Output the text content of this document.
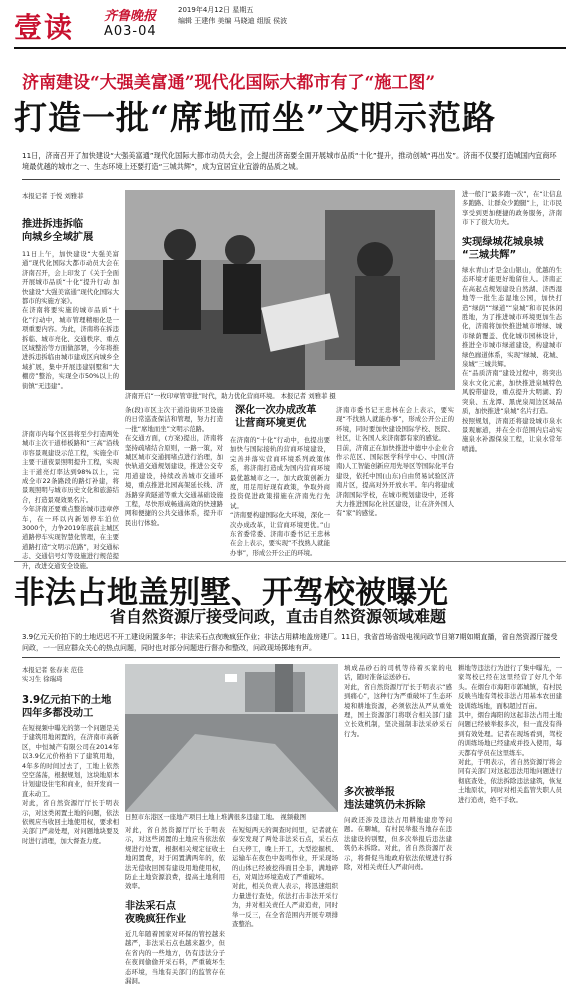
壹读 齐鲁晚报
A03-04
2019年4月12日 星期五
编辑 王建伟 美编 马晓迪 组版 侯波
济南建设“大强美富通”现代化国际大都市有了“施工图”
打造一批“席地而坐”文明示范路
11日，济南召开了加快建设“大强美富通”现代化国际大都市动员大会，会上提出济南要全面开展城市品质“十化”提升，推动创城“再出发”。济南不仅要打造城国内宜商环境最优越的城市之一、生态环境上还要打造“三城共辉”，成为宜居宜业宜游的品质之城。
本报记者 于悦 刘雅菲
推进拆违拆临
向城乡全域扩展
11日上午，加快建设“大强美富通”现代化国际大都市动员大会在济南召开，会上印发了《关于全面开展城市品质“十化”提升行动 加快建设“大强美富通”现代化国际大都市的实施方案》。
在济南将要实施的城市品质“十化”行动中，城市管理精细化是一项重要内容。为此，济南将在拆违拆临、城市亮化、交通秩序、重点区域整治等方面做部署，今年将推进拆违拆临由城市建成区向城乡全域扩展，集中开展违建别墅和“大棚房”整治，实现全市50%以上的街镇“无违建”。
济南市内每个区县将至少打造两处城市主次干道样板路和“三高”沿线市容景观建设示范工程，实施全市主要干道夜景照明提升工程，实现主干道亮灯率达到98%以上，完成全市22条路段的路灯补建，将景观照明与城市历史文化和旅游结合，打造景观效果名片。
今年济南还要重点整治城市违章停车，在一环以内新划停车泊位3000个，力争2019年底前主城区道路停车实现智慧化管理，在主要道路打造“文明示范路”，对交通标志、交通信号灯等设施进行规范提升，改进交通安全设施。
济南开启“一枚印章管审批”时代，助力优化营商环境。 本报记者 刘雅菲 摄
条(段)市区主次干道沿街环卫设施的日常巡查保洁和管理，努力打造一批“席地而坐”文明示范路。
在交通方面，(方案)提出，济南将坚持疏堵结合原则，一路一策，对城区城市交通拥堵点进行治理，加快轨道交通规划建设，推进公交专用道建设，持续改善城市交通环境，重点推进北园高架延长线、济泺路穿黄隧道等重大交通基础设施工程，尽快形成畅通高效的快速路网和便捷的公共交通体系，提升市民出行体验。
深化一次办成改革
让营商环境更优
在济南的“十化”行动中，也提出要加快与国际接轨的营商环境建设，完善并落实营商环境系列政策体系，将济南打造成为国内营商环境最优越城市之一。加大政策创新力度，用足用好现有政策，争取外商投资促进政策措施在济南先行先试。
“济南要构建国际化大环境，深化一次办成改革，让营商环境更优。”山东省委常委、济南市委书记王忠林在会上表示，要实现“不找熟人就能办事”，形成公开公正的环境。
济南市委书记王忠林在会上表示，要实现“不找熟人就能办事”，形成公开公正的环境，同时要加快建设国际学校、医院、社区，让各国人来济南都有家的感觉。
目前，济南正在加快推进中德中小企业合作示范区、国际医学科学中心、中国(济南)人工智能创新应用先导区等国际化平台建设，依托中国(山东)自由贸易试验区济南片区，提高对外开放水平。年内将建成济南国际学校，在城市规划建设中，还将大力推进国际化社区建设，让在济外国人有“家”的感觉。
进一般门“最多跑一次”，在“让信息多跑路、让群众少跑腿”上，让市民享受到更加便捷的政务服务，济南市下了很大功夫。
实现绿城花城泉城
“三城共辉”
绿水青山才是金山银山，优越的生态环境才能更好地留住人。济南正在高起点规划建设自然湖、济西湿地等一批生态湿地公园，加快打造“绿荫”“绿道”“泉城”和市民休闲胜地，为了推进城市环境更加生态化，济南将加快推进城市增绿、城市绿荫覆盖、优化城市园林设计，推进全市城市绿道建设，构建城市绿色廊道体系，实现“绿城、花城、泉城”三城共辉。
在“品质济南”建设过程中，将突出泉水文化元素，加快推进泉城特色风貌带建设，重点提升大明湖、趵突泉、五龙潭、黑虎泉周边区域品质，加快推进“泉城”名片打造。
按照规划，济南还将建设城市泉水景观廊道，并在全市范围内启动实施泉水补源保泉工程，让泉水常年喷涌。
非法占地盖别墅、开驾校被曝光
省自然资源厅接受问政，直击自然资源领域难题
3.9亿元天价拍下的土地迟迟不开工建设闲置多年；非法采石点夜晚疯狂作业；非法占用耕地盖房建厂。11日，我省首场省级电视问政节目第7期如期直播，省自然资源厅接受问政，一一回应群众关心的热点问题，同时也对部分问题进行督办和整改，问政现场掷地有声。
本报记者 张春来 范佳
实习生 徐瑞琦
3.9亿元拍下的土地
四年多都没动工
在短视频中曝光的第一个问题是关于建筑用地闲置的，在济南市高新区，中恒城产有限公司在2014年以3.9亿元价格拍下了建筑用地，4年多的时间过去了，工地上依然空空荡荡，根据规划，这块地原本计划建设住宅和商业，但开发商一直未动工。
对此，省自然资源厅厅长于明表示，对这类闲置土地的问题，依法依规应当收回土地使用权，要求相关部门严肃处理，对问题地块要及时进行清理，加大督查力度。
日照市东港区一座地产项目土地上堆满很多违建工地。 视频截图
对此，省自然资源厅厅长于明表示，对这些闲置的土地应当依法依规进行处置，根据相关规定征收土地闲置费，对于闲置满两年的，依法无偿收回国有建设用地使用权，防止土地资源浪费，提高土地利用效率。
非法采石点
夜晚疯狂作业
近几年随着国家对环保的管控越来越严，非法采石点也越来越少，但在省内的一些地方，仍有违法分子在夜间偷偷开采石料，严重破坏生态环境，当地有关部门的监管存在漏洞。
在短短两天的调查时间里，记者就在泰安发现了两处非法采石点，采石点白天停工，晚上开工，大型挖掘机、运输车在夜色中轰鸣作业，开采现场的山体已经被挖得面目全非，满地碎石，对周边环境造成了严重破坏。
对此，相关负责人表示，将迅速组织力量进行查处，依法打击非法开采行为，并对相关责任人严肃追责，同时举一反三，在全省范围内开展专项排查整治。
填成品砂石的司机等待着买家的电话，随时准备运送砂石。
对此，省自然资源厅厅长于明表示“感到痛心”，这种行为严重破坏了生态环境和耕地资源，必须依法从严从重处理，国土资源部门将联合相关部门建立长效机制，坚决遏制非法采砂采石行为。
多次被举报
违法建筑仍未拆除
问政还涉及违法占用耕地建房等问题。在聊城，有村民举报当地存在违法建设的别墅，但多次举报后违法建筑仍未拆除。对此，省自然资源厅表示，将督促当地政府依法依规进行拆除，对相关责任人严肃问责。
耕地等违法行为进行了集中曝光，一家驾校已经在这里经营了好几个年头。在烟台市海阳市郭城镇，有村民反映当地有驾校非法占用基本农田建设训练场地，面积超过百亩。
其中，烟台海阳的这起非法占用土地问题已经被举报多次，但一直没有得到有效处理。记者在现场看到，驾校的训练场地已经建成并投入使用，每天都有学员在这里练车。
对此，于明表示，省自然资源厅将会同有关部门对这起违法用地问题进行彻底查处，依法拆除违法建筑，恢复土地原状，同时对相关监管失职人员进行追责，绝不手软。
